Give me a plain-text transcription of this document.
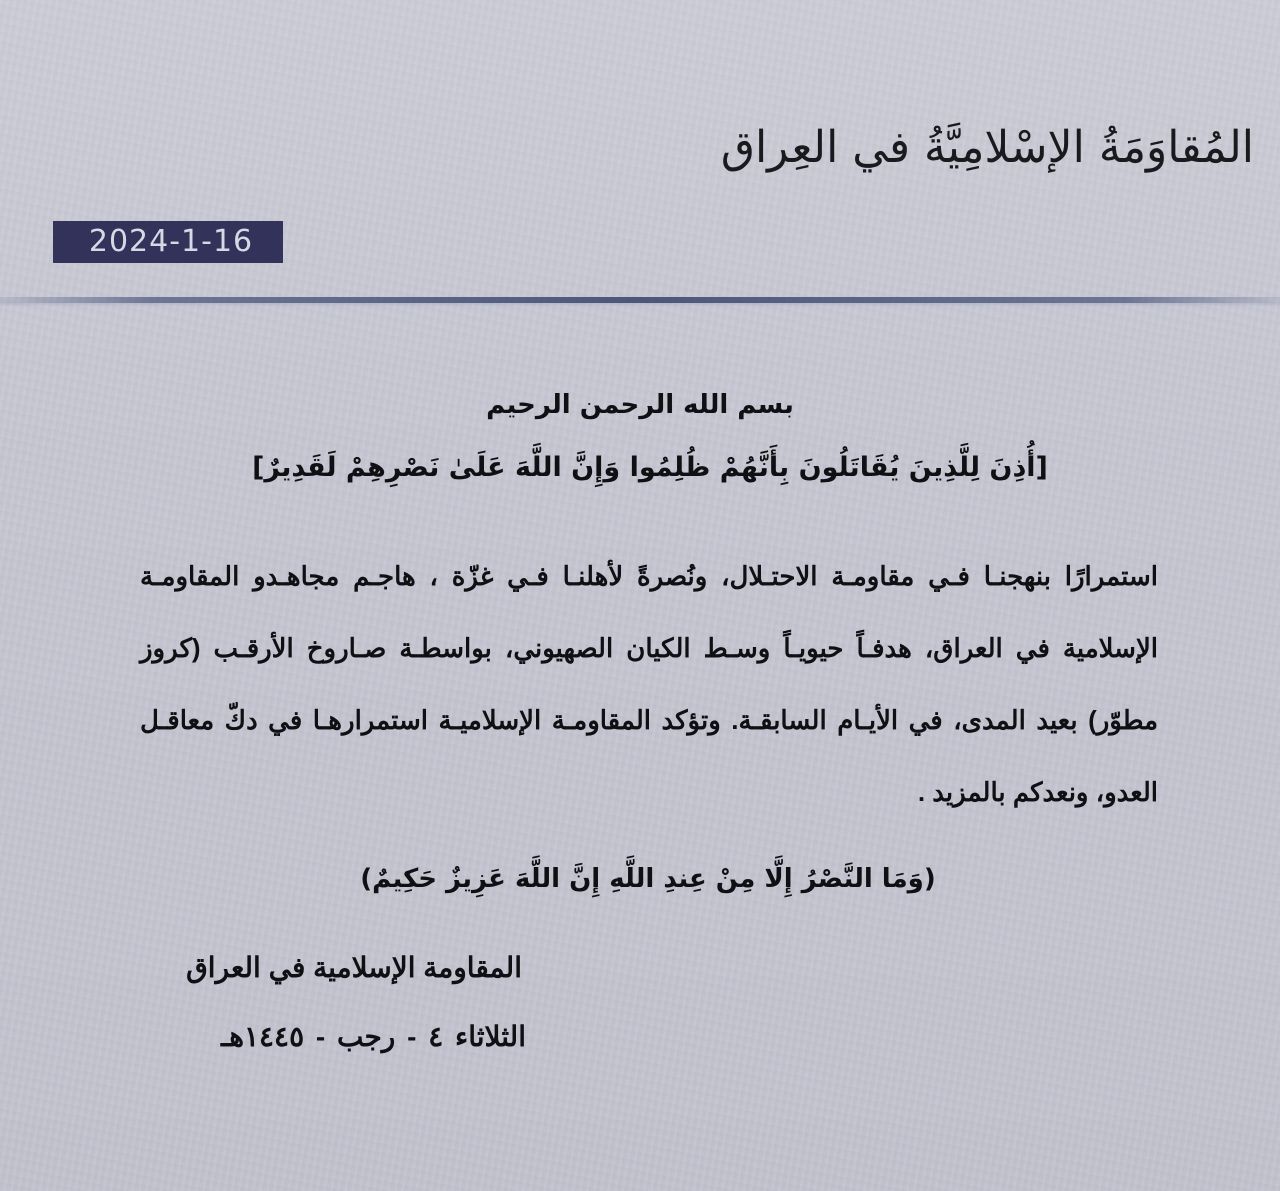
المُقاوَمَةُ الإسْلامِيَّةُ في العِراق
2024-1-16
بسم الله الرحمن الرحيم
[أُذِنَ لِلَّذِينَ يُقَاتَلُونَ بِأَنَّهُمْ ظُلِمُوا وَإِنَّ اللَّهَ عَلَىٰ نَصْرِهِمْ لَقَدِيرٌ]
استمرارًا بنهجنـا فـي مقاومـة الاحتـلال، ونُصرةً لأهلنـا فـي غزّة ، هاجـم مجاهـدو المقاومـة الإسلامية في العراق، هدفـاً حيويـاً وسـط الكيان الصهيوني، بواسطـة صـاروخ الأرقـب (كروز مطوّر) بعيد المدى، في الأيـام السابقـة. وتؤكد المقاومـة الإسلاميـة استمرارهـا في دكّ معاقـل العدو، ونعدكم بالمزيد .
(وَمَا النَّصْرُ إِلَّا مِنْ عِندِ اللَّهِ إِنَّ اللَّهَ عَزِيزٌ حَكِيمٌ)
المقاومة الإسلامية في العراق
الثلاثاء ٤ - رجب - ١٤٤٥هـ
